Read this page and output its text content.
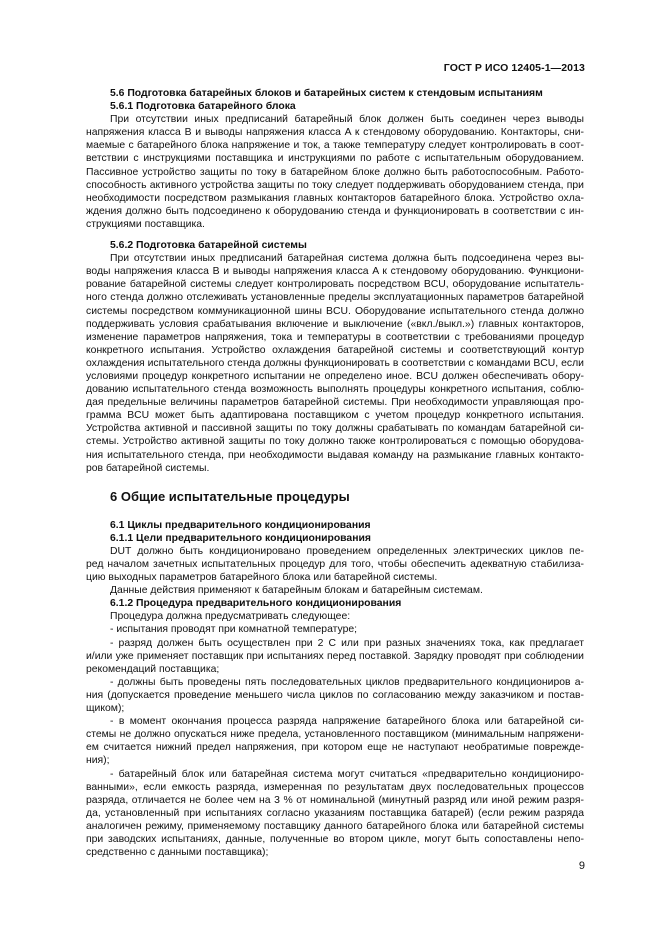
ГОСТ Р ИСО 12405-1—2013

5.6 Подготовка батарейных блоков и батарейных систем к стендовым испытаниям

5.6.1 Подготовка батарейного блока

При отсутствии иных предписаний батарейный блок должен быть соединен через выводы
напряжения класса B и выводы напряжения класса A к стендовому оборудованию. Контакторы, сни-
маемые с батарейного блока напряжение и ток, а также температуру следует контролировать в соот-
ветствии с инструкциями поставщика и инструкциями по работе с испытательным оборудованием.
Пассивное устройство защиты по току в батарейном блоке должно быть работоспособным. Работо-
способность активного устройства защиты по току следует поддерживать оборудованием стенда, при
необходимости посредством размыкания главных контакторов батарейного блока. Устройство охла-
ждения должно быть подсоединено к оборудованию стенда и функционировать в соответствии с ин-
струкциями поставщика.

5.6.2 Подготовка батарейной системы

При отсутствии иных предписаний батарейная система должна быть подсоединена через вы-
воды напряжения класса B и выводы напряжения класса A к стендовому оборудованию. Функциони-
рование батарейной системы следует контролировать посредством BCU, оборудование испытатель-
ного стенда должно отслеживать установленные пределы эксплуатационных параметров батарейной
системы посредством коммуникационной шины BCU. Оборудование испытательного стенда должно
поддерживать условия срабатывания включение и выключение («вкл./выкл.») главных контакторов,
изменение параметров напряжения, тока и температуры в соответствии с требованиями процедур
конкретного испытания. Устройство охлаждения батарейной системы и соответствующий контур
охлаждения испытательного стенда должны функционировать в соответствии с командами BCU, если
условиями процедур конкретного испытании не определено иное. BCU должен обеспечивать обору-
дованию испытательного стенда возможность выполнять процедуры конкретного испытания, соблю-
дая предельные величины параметров батарейной системы. При необходимости управляющая про-
грамма BCU может быть адаптирована поставщиком с учетом процедур конкретного испытания.
Устройства активной и пассивной защиты по току должны срабатывать по командам батарейной си-
стемы. Устройство активной защиты по току должно также контролироваться с помощью оборудова-
ния испытательного стенда, при необходимости выдавая команду на размыкание главных контакто-
ров батарейной системы.

6 Общие испытательные процедуры

6.1 Циклы предварительного кондиционирования

6.1.1 Цели предварительного кондиционирования

DUT должно быть кондиционировано проведением определенных электрических циклов пе-
ред началом зачетных испытательных процедур для того, чтобы обеспечить адекватную стабилиза-
цию выходных параметров батарейного блока или батарейной системы.
Данные действия применяют к батарейным блокам и батарейным системам.

6.1.2 Процедура предварительного кондиционирования

Процедура должна предусматривать следующее:
- испытания проводят при комнатной температуре;
- разряд должен быть осуществлен при 2 C или при разных значениях тока, как предлагает
и/или уже применяет поставщик при испытаниях перед поставкой. Зарядку проводят при соблюдении
рекомендаций поставщика;
- должны быть проведены пять последовательных циклов предварительного кондициониров а-
ния (допускается проведение меньшего числа циклов по согласованию между заказчиком и постав-
щиком);
- в момент окончания процесса разряда напряжение батарейного блока или батарейной си-
стемы не должно опускаться ниже предела, установленного поставщиком (минимальным напряжени-
ем считается нижний предел напряжения, при котором еще не наступают необратимые поврежде-
ния);
- батарейный блок или батарейная система могут считаться «предварительно кондициониро-
ванными», если емкость разряда, измеренная по результатам двух последовательных процессов
разряда, отличается не более чем на 3 % от номинальной (минутный разряд или иной режим разря-
да, установленный при испытаниях согласно указаниям поставщика батарей) (если режим разряда
аналогичен режиму, применяемому поставщику данного батарейного блока или батарейной системы
при заводских испытаниях, данные, полученные во втором цикле, могут быть сопоставлены непо-
средственно с данными поставщика);
9
